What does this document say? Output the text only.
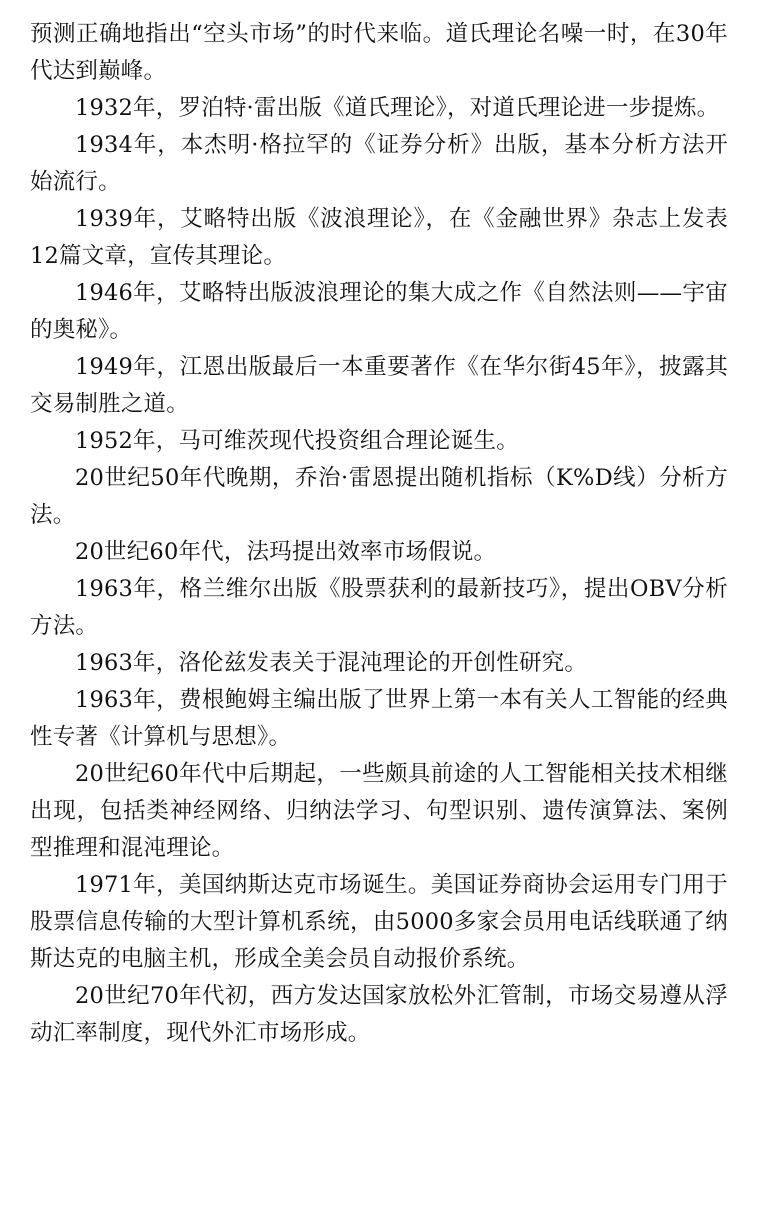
预测正确地指出“空头市场”的时代来临。道氏理论名噪一时，在30年代达到巅峰。

1932年，罗泊特·雷出版《道氏理论》，对道氏理论进一步提炼。

1934年，本杰明·格拉罕的《证券分析》出版，基本分析方法开始流行。

1939年，艾略特出版《波浪理论》，在《金融世界》杂志上发表12篇文章，宣传其理论。

1946年，艾略特出版波浪理论的集大成之作《自然法则——宇宙的奥秘》。

1949年，江恩出版最后一本重要著作《在华尔街45年》，披露其交易制胜之道。

1952年，马可维茨现代投资组合理论诞生。

20世纪50年代晚期，乔治·雷恩提出随机指标（K%D线）分析方法。

20世纪60年代，法玛提出效率市场假说。

1963年，格兰维尔出版《股票获利的最新技巧》，提出OBV分析方法。

1963年，洛伦兹发表关于混沌理论的开创性研究。

1963年，费根鲍姆主编出版了世界上第一本有关人工智能的经典性专著《计算机与思想》。

20世纪60年代中后期起，一些颇具前途的人工智能相关技术相继出现，包括类神经网络、归纳法学习、句型识别、遗传演算法、案例型推理和混沌理论。

1971年，美国纳斯达克市场诞生。美国证券商协会运用专门用于股票信息传输的大型计算机系统，由5000多家会员用电话线联通了纳斯达克的电脑主机，形成全美会员自动报价系统。

20世纪70年代初，西方发达国家放松外汇管制，市场交易遵从浮动汇率制度，现代外汇市场形成。
